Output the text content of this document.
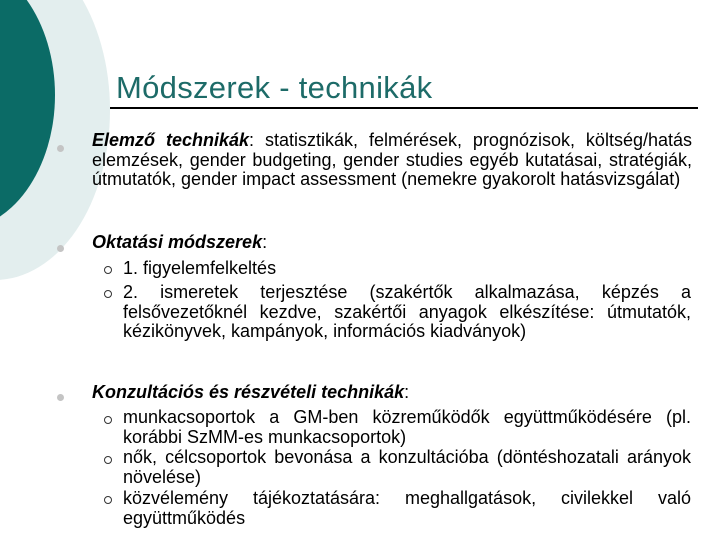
Módszerek - technikák
Elemző technikák: statisztikák, felmérések, prognózisok, költség/hatás elemzések, gender budgeting, gender studies egyéb kutatásai, stratégiák, útmutatók, gender impact assessment (nemekre gyakorolt hatásvizsgálat)
Oktatási módszerek:
1. figyelemfelkeltés
2. ismeretek terjesztése (szakértők alkalmazása, képzés a felsővezetőknél kezdve, szakértői anyagok elkészítése: útmutatók, kézikönyvek, kampányok, információs kiadványok)
Konzultációs és részvételi technikák:
munkacsoportok a GM-ben közreműködők együttműködésére (pl. korábbi SzMM-es munkacsoportok)
nők, célcsoportok bevonása a konzultációba (döntéshozatali arányok növelése)
közvélemény tájékoztatására: meghallgatások, civilekkel való együttműködés
